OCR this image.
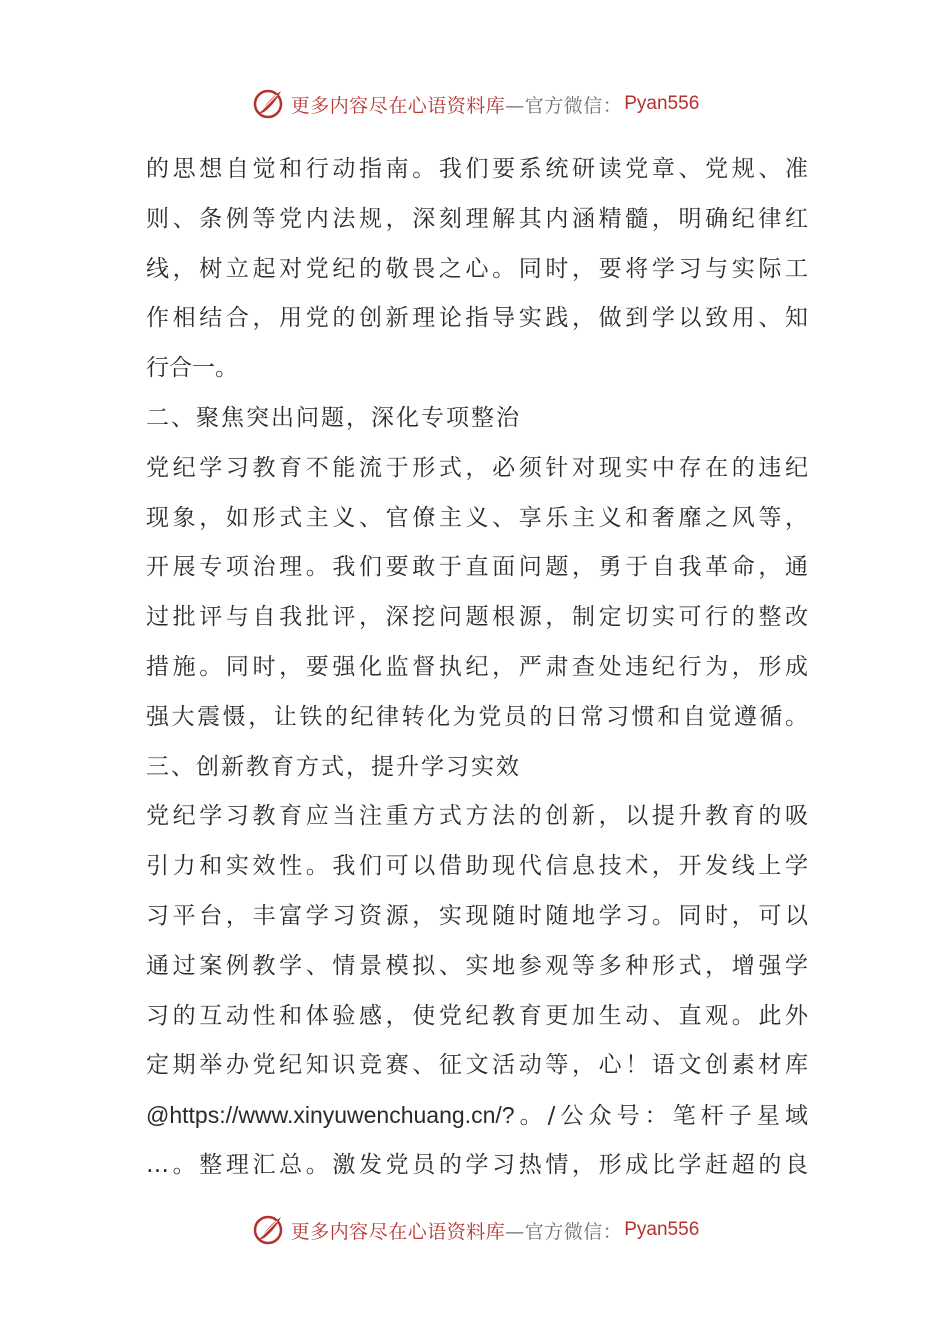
更多内容尽在心语资料库 —官方微信： Pyan556
的思想自觉和行动指南。我们要系统研读党章、党规、准
则、条例等党内法规，深刻理解其内涵精髓，明确纪律红
线，树立起对党纪的敬畏之心。同时，要将学习与实际工
作相结合，用党的创新理论指导实践，做到学以致用、知
行合一。
二、聚焦突出问题，深化专项整治
党纪学习教育不能流于形式，必须针对现实中存在的违纪
现象，如形式主义、官僚主义、享乐主义和奢靡之风等，
开展专项治理。我们要敢于直面问题，勇于自我革命，通
过批评与自我批评，深挖问题根源，制定切实可行的整改
措施。同时，要强化监督执纪，严肃查处违纪行为，形成
强大震慑，让铁的纪律转化为党员的日常习惯和自觉遵循。
三、创新教育方式，提升学习实效
党纪学习教育应当注重方式方法的创新，以提升教育的吸
引力和实效性。我们可以借助现代信息技术，开发线上学
习平台，丰富学习资源，实现随时随地学习。同时，可以
通过案例教学、情景模拟、实地参观等多种形式，增强学
习的互动性和体验感，使党纪教育更加生动、直观。此外
定期举办党纪知识竞赛、征文活动等，心！语文创素材库
@https://www.xinyuwenchuang.cn/?。/公众号：笔杆子星域
…。整理汇总。激发党员的学习热情，形成比学赶超的良
更多内容尽在心语资料库 —官方微信： Pyan556
